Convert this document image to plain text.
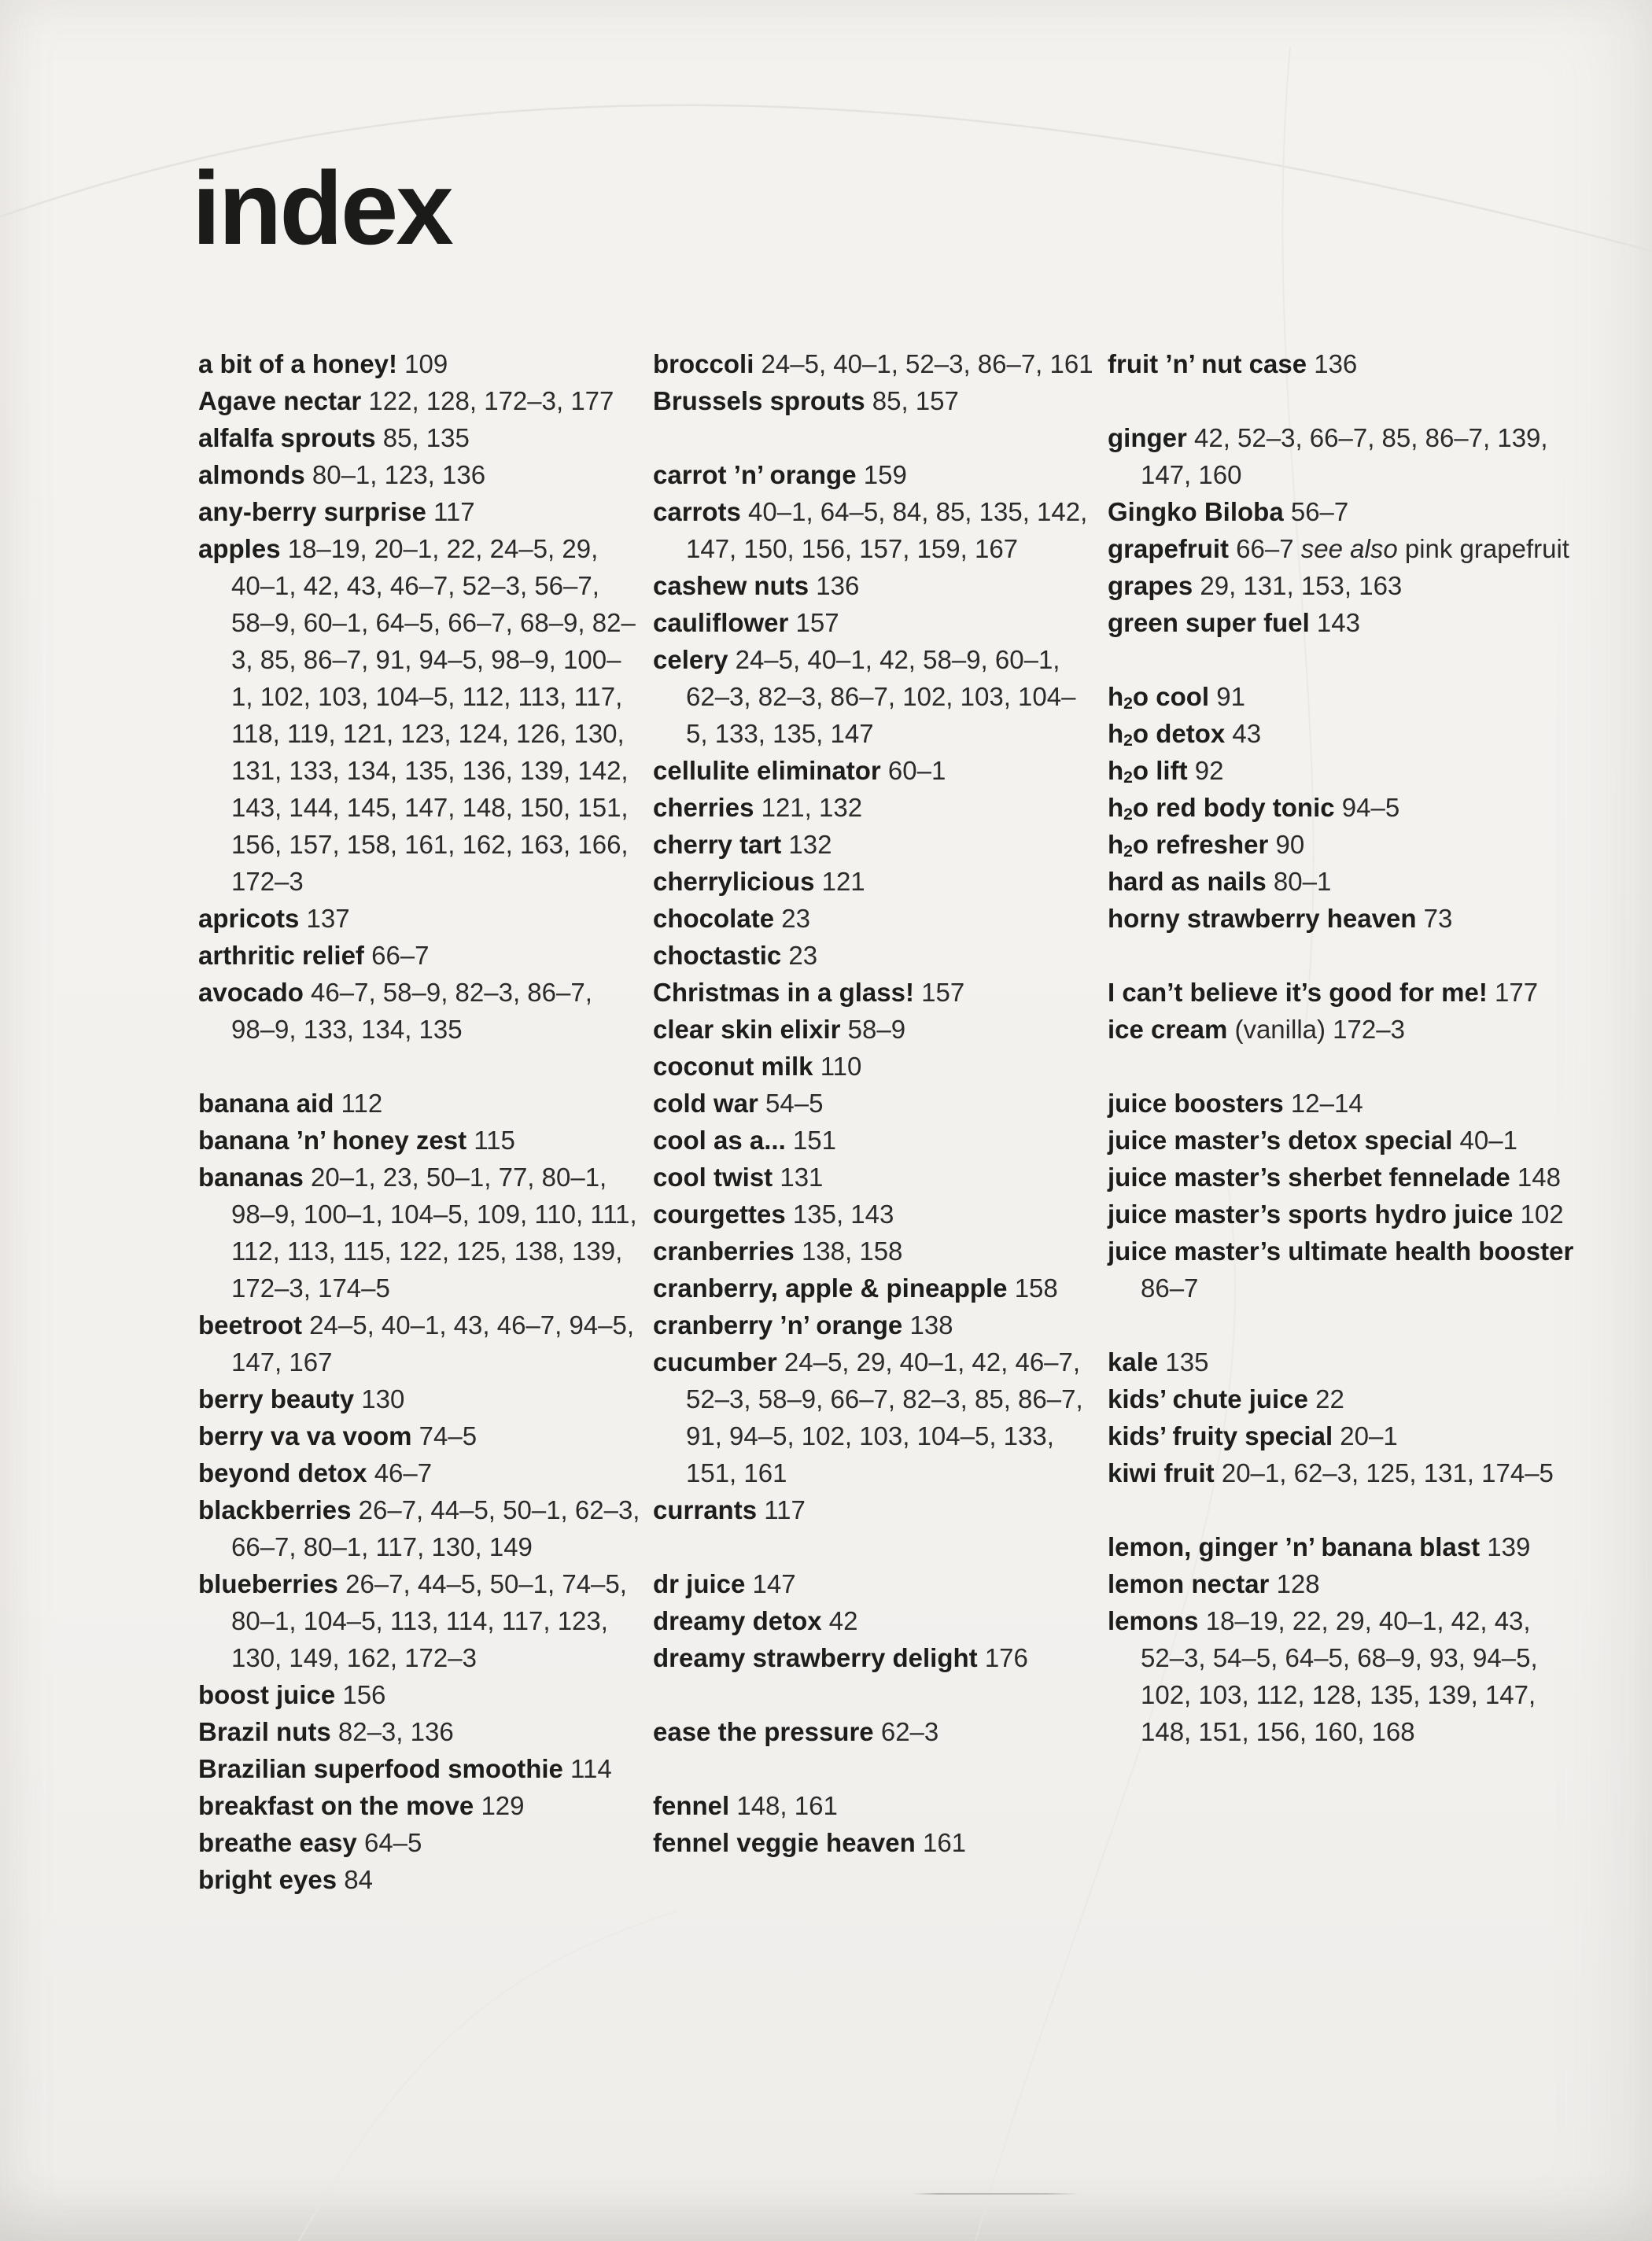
index
a bit of a honey! 109
Agave nectar 122, 128, 172–3, 177
alfalfa sprouts 85, 135
almonds 80–1, 123, 136
any-berry surprise 117
apples 18–19, 20–1, 22, 24–5, 29, 40–1, 42, 43, 46–7, 52–3, 56–7, 58–9, 60–1, 64–5, 66–7, 68–9, 82–3, 85, 86–7, 91, 94–5, 98–9, 100–1, 102, 103, 104–5, 112, 113, 117, 118, 119, 121, 123, 124, 126, 130, 131, 133, 134, 135, 136, 139, 142, 143, 144, 145, 147, 148, 150, 151, 156, 157, 158, 161, 162, 163, 166, 172–3
apricots 137
arthritic relief 66–7
avocado 46–7, 58–9, 82–3, 86–7, 98–9, 133, 134, 135
banana aid 112
banana ’n’ honey zest 115
bananas 20–1, 23, 50–1, 77, 80–1, 98–9, 100–1, 104–5, 109, 110, 111, 112, 113, 115, 122, 125, 138, 139, 172–3, 174–5
beetroot 24–5, 40–1, 43, 46–7, 94–5, 147, 167
berry beauty 130
berry va va voom 74–5
beyond detox 46–7
blackberries 26–7, 44–5, 50–1, 62–3, 66–7, 80–1, 117, 130, 149
blueberries 26–7, 44–5, 50–1, 74–5, 80–1, 104–5, 113, 114, 117, 123, 130, 149, 162, 172–3
boost juice 156
Brazil nuts 82–3, 136
Brazilian superfood smoothie 114
breakfast on the move 129
breathe easy 64–5
bright eyes 84
broccoli 24–5, 40–1, 52–3, 86–7, 161
Brussels sprouts 85, 157
carrot ’n’ orange 159
carrots 40–1, 64–5, 84, 85, 135, 142, 147, 150, 156, 157, 159, 167
cashew nuts 136
cauliflower 157
celery 24–5, 40–1, 42, 58–9, 60–1, 62–3, 82–3, 86–7, 102, 103, 104–5, 133, 135, 147
cellulite eliminator 60–1
cherries 121, 132
cherry tart 132
cherrylicious 121
chocolate 23
choctastic 23
Christmas in a glass! 157
clear skin elixir 58–9
coconut milk 110
cold war 54–5
cool as a... 151
cool twist 131
courgettes 135, 143
cranberries 138, 158
cranberry, apple & pineapple 158
cranberry ’n’ orange 138
cucumber 24–5, 29, 40–1, 42, 46–7, 52–3, 58–9, 66–7, 82–3, 85, 86–7, 91, 94–5, 102, 103, 104–5, 133, 151, 161
currants 117
dr juice 147
dreamy detox 42
dreamy strawberry delight 176
ease the pressure 62–3
fennel 148, 161
fennel veggie heaven 161
fruit ’n’ nut case 136
ginger 42, 52–3, 66–7, 85, 86–7, 139, 147, 160
Gingko Biloba 56–7
grapefruit 66–7 see also pink grapefruit
grapes 29, 131, 153, 163
green super fuel 143
$h_2o$ cool 91
$h_2o$ detox 43
$h_2o$ lift 92
$h_2o$ red body tonic 94–5
$h_2o$ refresher 90
hard as nails 80–1
horny strawberry heaven 73
I can’t believe it’s good for me! 177
ice cream (vanilla) 172–3
juice boosters 12–14
juice master’s detox special 40–1
juice master’s sherbet fennelade 148
juice master’s sports hydro juice 102
juice master’s ultimate health booster 86–7
kale 135
kids’ chute juice 22
kids’ fruity special 20–1
kiwi fruit 20–1, 62–3, 125, 131, 174–5
lemon, ginger ’n’ banana blast 139
lemon nectar 128
lemons 18–19, 22, 29, 40–1, 42, 43, 52–3, 54–5, 64–5, 68–9, 93, 94–5, 102, 103, 112, 128, 135, 139, 147, 148, 151, 156, 160, 168
